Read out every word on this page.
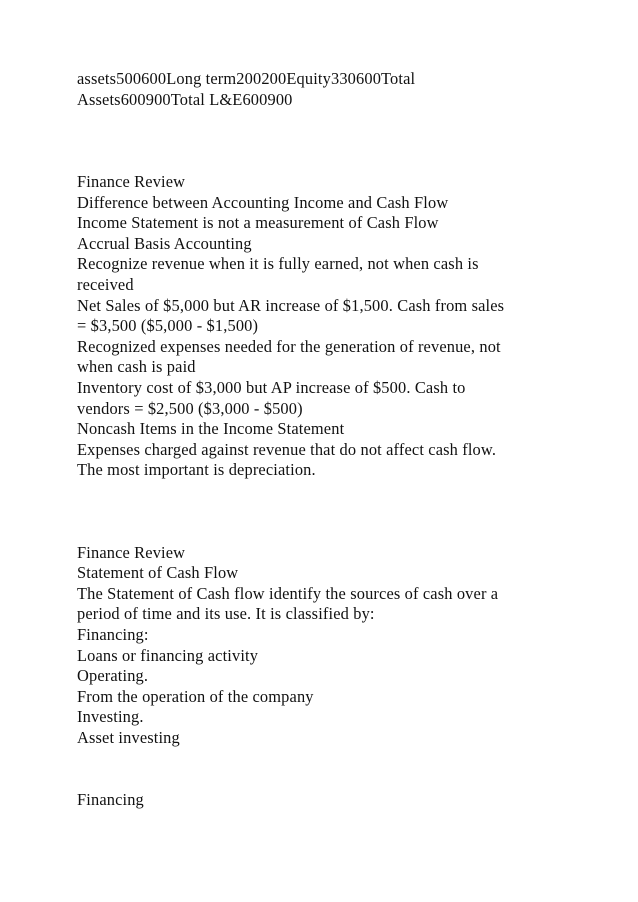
assets500600Long term200200Equity330600Total
Assets600900Total L&E600900
Finance Review
Difference between Accounting Income and Cash Flow
Income Statement is not a measurement of Cash Flow
Accrual Basis Accounting
Recognize revenue when it is fully earned, not when cash is
received
Net Sales of $5,000 but AR increase of $1,500. Cash from sales
= $3,500 ($5,000 - $1,500)
Recognized expenses needed for the generation of revenue, not
when cash is paid
Inventory cost of $3,000 but AP increase of $500. Cash to
vendors = $2,500 ($3,000 - $500)
Noncash Items in the Income Statement
Expenses charged against revenue that do not affect cash flow.
The most important is depreciation.
Finance Review
Statement of Cash Flow
The Statement of Cash flow identify the sources of cash over a
period of time and its use. It is classified by:
Financing:
Loans or financing activity
Operating.
From the operation of the company
Investing.
Asset investing
Financing
